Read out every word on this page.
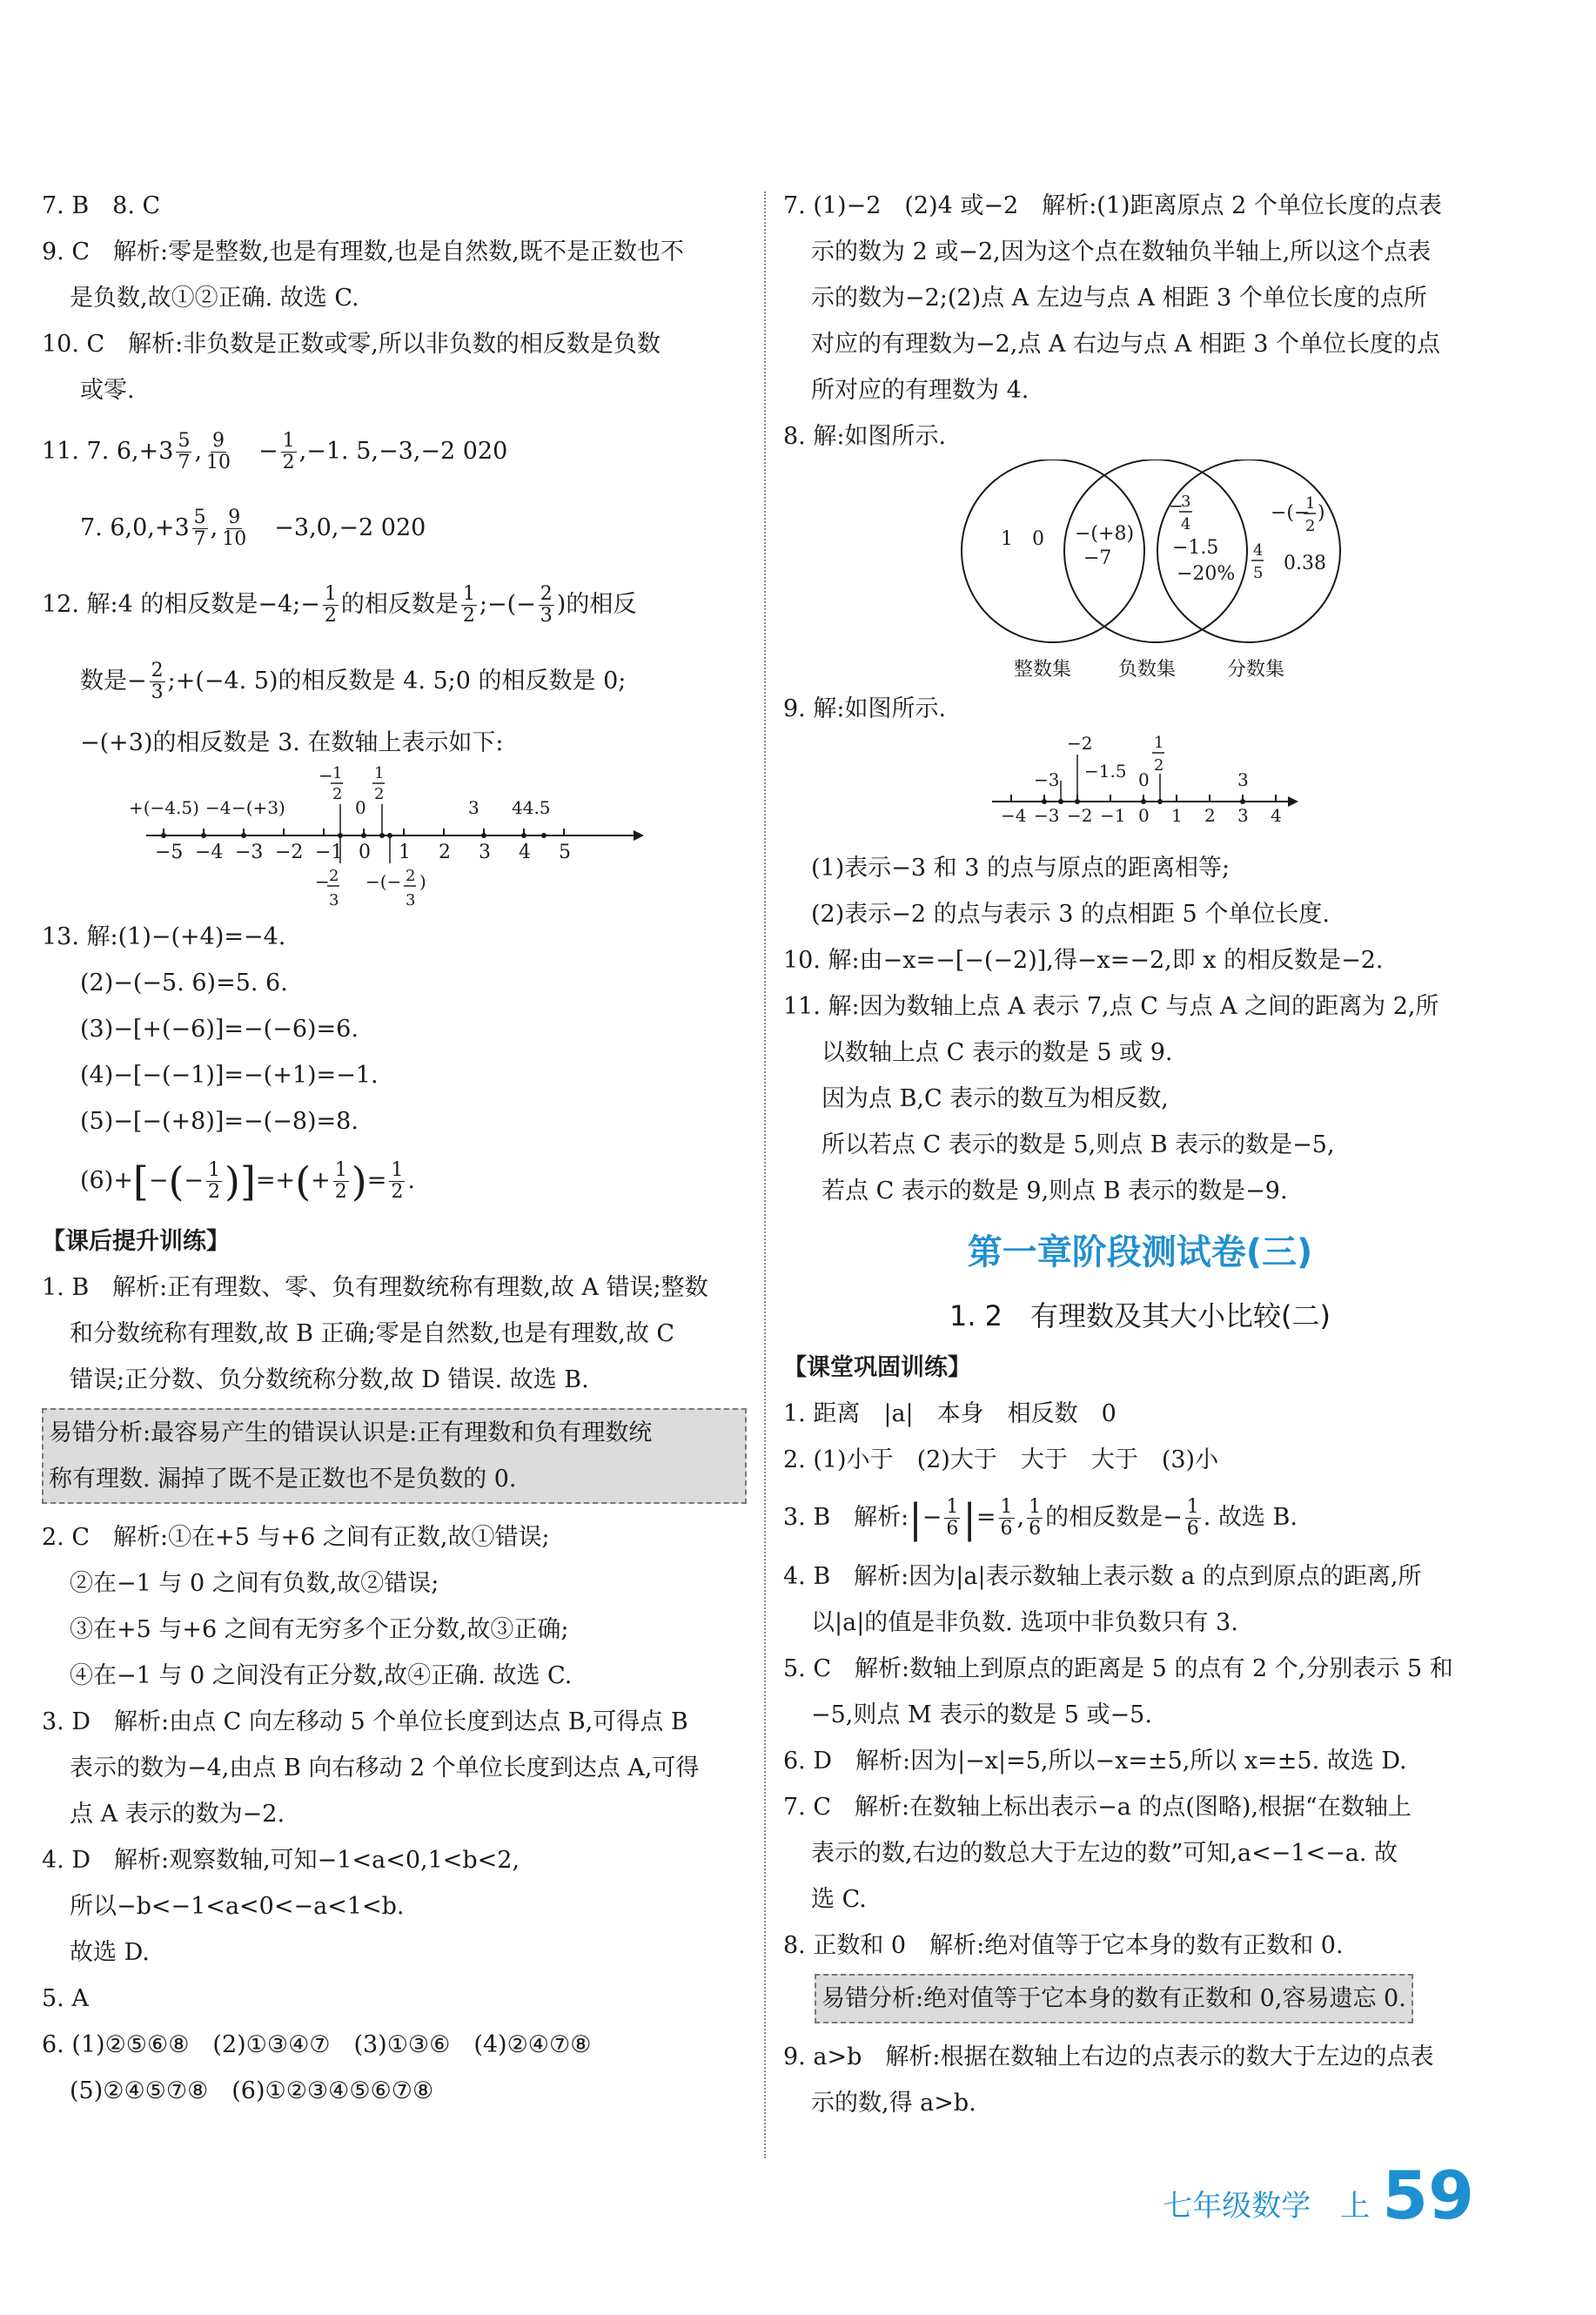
7. B　8. C
9. C　解析:零是整数,也是有理数,也是自然数,既不是正数也不
是负数,故①②正确. 故选 C.
10. C　解析:非负数是正数或零,所以非负数的相反数是负数
或零.
11. 7. $6,+3 \frac{5}{7}$ , $\frac{9}{10}$ 　− $\frac{1}{2} ,-1$. 5,−3,−2 020
7. $6,0,+3 \frac{5}{7}$ , $\frac{9}{10}$ 　−3,0,−2 020
12. 解:4 的相反数是−4;− $\frac{1}{2}$ 的相反数是 $\frac{1}{2}$ ;−(− $\frac{2}{3}$ )的相反
数是− $\frac{2}{3}$ ;+(−4. 5)的相反数是 4. 5;0 的相反数是 0;
−(+3)的相反数是 3. 在数轴上表示如下:
−5 −4 −3 −2 −1 0 1 2 3 4 5
+(−4.5) −4 −(+3)	3 44.5
− 1
2
0
1
2
− 2
3
−(− 2
3
)
13. 解:(1)−(+4)=−4.
(2)−(−5. 6)=5. 6.
(3)−[+(−6)]=−(−6)=6.
(4)−[−(−1)]=−(+1)=−1.
(5)−[−(+8)]=−(−8)=8.
$(6)+[-(- \frac{1}{2}$ )]=+(+ $\frac{1}{2}$ )= $\frac{1}{2}$ .
【课后提升训练】
1. B　解析:正有理数、零、负有理数统称有理数,故 A 错误;整数
和分数统称有理数,故 B 正确;零是自然数,也是有理数,故 C
错误;正分数、负分数统称分数,故 D 错误. 故选 B.
易错分析:最容易产生的错误认识是:正有理数和负有理数统
称有理数. 漏掉了既不是正数也不是负数的 0.
2. C　解析:①在+5 与+6 之间有正数,故①错误;
②在−1 与 0 之间有负数,故②错误;
③在+5 与+6 之间有无穷多个正分数,故③正确;
④在−1 与 0 之间没有正分数,故④正确. 故选 C.
3. D　解析:由点 C 向左移动 5 个单位长度到达点 B,可得点 B
表示的数为−4,由点 B 向右移动 2 个单位长度到达点 A,可得
点 A 表示的数为−2.
4. D　解析:观察数轴,可知−1<a<0,1<b<2,
所以−b<−1<a<0<−a<1<b.
故选 D.
5. A
6. (1)②⑤⑥⑧　(2)①③④⑦　(3)①③⑥　(4)②④⑦⑧
(5)②④⑤⑦⑧　(6)①②③④⑤⑥⑦⑧
7. (1)−2　(2)4 或−2　解析:(1)距离原点 2 个单位长度的点表
示的数为 2 或−2,因为这个点在数轴负半轴上,所以这个点表
示的数为−2;(2)点 A 左边与点 A 相距 3 个单位长度的点所
对应的有理数为−2,点 A 右边与点 A 相距 3 个单位长度的点
所对应的有理数为 4.
8. 解:如图所示.
1　0 −(+8)
−7
−
3
4
−1.5
−20%
−(−
1
2
)
4
5 0.38
整数集 负数集	分数集
9. 解:如图所示.
−4 −3 −2 −1 0 1 2 3 4
−3
−2
−1.5 0
1
2
3
(1)表示−3 和 3 的点与原点的距离相等;
(2)表示−2 的点与表示 3 的点相距 5 个单位长度.
10. 解:由−x=−[−(−2)],得−x=−2,即 x 的相反数是−2.
11. 解:因为数轴上点 A 表示 7,点 C 与点 A 之间的距离为 2,所
以数轴上点 C 表示的数是 5 或 9.
因为点 B,C 表示的数互为相反数,
所以若点 C 表示的数是 5,则点 B 表示的数是−5,
若点 C 表示的数是 9,则点 B 表示的数是−9.
第一章阶段测试卷(三)
1. 2　有理数及其大小比较(二)
【课堂巩固训练】
1. 距离　|a|　本身　相反数　0
2. (1)小于　(2)大于　大于　大于　(3)小
3. B　解析:|− $\frac{1}{6}$ |= $\frac{1}{6}$ , $\frac{1}{6}$ 的相反数是− $\frac{1}{6}$ . 故选 B.
4. B　解析:因为|a|表示数轴上表示数 a 的点到原点的距离,所
以|a|的值是非负数. 选项中非负数只有 3.
5. C　解析:数轴上到原点的距离是 5 的点有 2 个,分别表示 5 和
−5,则点 M 表示的数是 5 或−5.
6. D　解析:因为|−x|=5,所以−x=±5,所以 x=±5. 故选 D.
7. C　解析:在数轴上标出表示−a 的点(图略),根据“在数轴上
表示的数,右边的数总大于左边的数”可知,a<−1<−a. 故
选 C.
8. 正数和 0　解析:绝对值等于它本身的数有正数和 0.
易错分析:绝对值等于它本身的数有正数和 0,容易遗忘 0.
9. a>b　解析:根据在数轴上右边的点表示的数大于左边的点表
示的数,得 a>b.
七年级数学　上 59
